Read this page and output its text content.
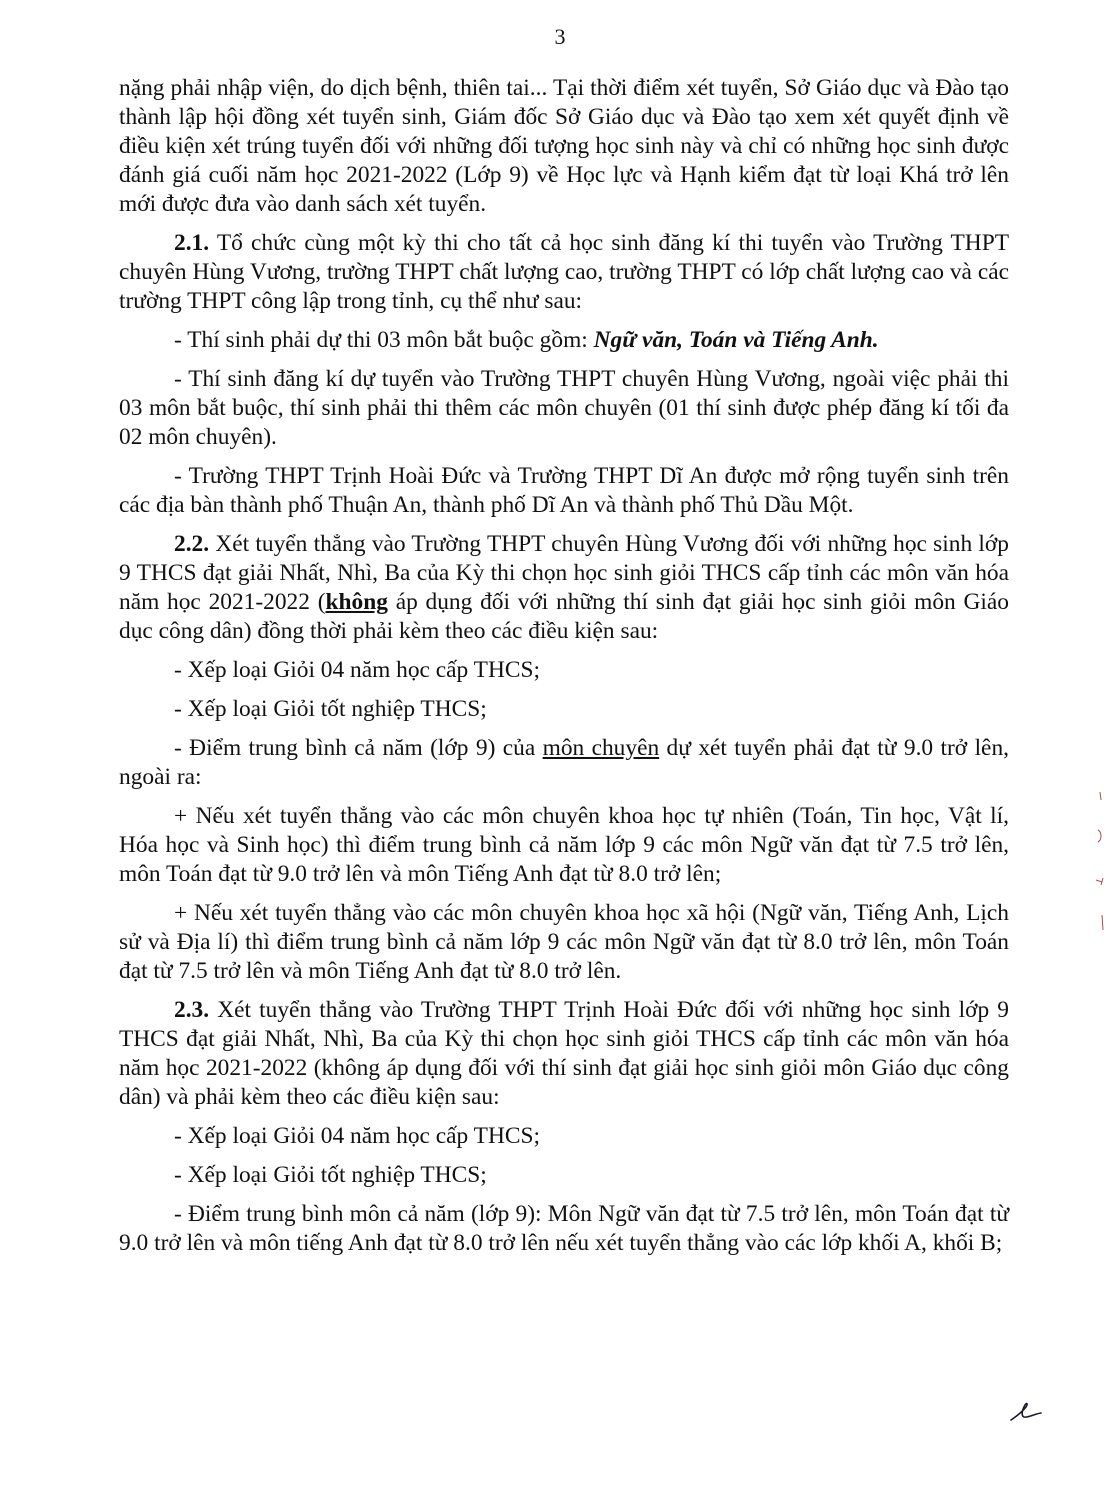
3

nặng phải nhập viện, do dịch bệnh, thiên tai... Tại thời điểm xét tuyển, Sở Giáo dục và Đào tạo thành lập hội đồng xét tuyển sinh, Giám đốc Sở Giáo dục và Đào tạo xem xét quyết định về điều kiện xét trúng tuyển đối với những đối tượng học sinh này và chỉ có những học sinh được đánh giá cuối năm học 2021-2022 (Lớp 9) về Học lực và Hạnh kiểm đạt từ loại Khá trở lên mới được đưa vào danh sách xét tuyển.

2.1. Tổ chức cùng một kỳ thi cho tất cả học sinh đăng kí thi tuyển vào Trường THPT chuyên Hùng Vương, trường THPT chất lượng cao, trường THPT có lớp chất lượng cao và các trường THPT công lập trong tỉnh, cụ thể như sau:

- Thí sinh phải dự thi 03 môn bắt buộc gồm: Ngữ văn, Toán và Tiếng Anh.

- Thí sinh đăng kí dự tuyển vào Trường THPT chuyên Hùng Vương, ngoài việc phải thi 03 môn bắt buộc, thí sinh phải thi thêm các môn chuyên (01 thí sinh được phép đăng kí tối đa 02 môn chuyên).

- Trường THPT Trịnh Hoài Đức và Trường THPT Dĩ An được mở rộng tuyển sinh trên các địa bàn thành phố Thuận An, thành phố Dĩ An và thành phố Thủ Dầu Một.

2.2. Xét tuyển thẳng vào Trường THPT chuyên Hùng Vương đối với những học sinh lớp 9 THCS đạt giải Nhất, Nhì, Ba của Kỳ thi chọn học sinh giỏi THCS cấp tỉnh các môn văn hóa năm học 2021-2022 (không áp dụng đối với những thí sinh đạt giải học sinh giỏi môn Giáo dục công dân) đồng thời phải kèm theo các điều kiện sau:

- Xếp loại Giỏi 04 năm học cấp THCS;

- Xếp loại Giỏi tốt nghiệp THCS;

- Điểm trung bình cả năm (lớp 9) của môn chuyên dự xét tuyển phải đạt từ 9.0 trở lên, ngoài ra:

+ Nếu xét tuyển thẳng vào các môn chuyên khoa học tự nhiên (Toán, Tin học, Vật lí, Hóa học và Sinh học) thì điểm trung bình cả năm lớp 9 các môn Ngữ văn đạt từ 7.5 trở lên, môn Toán đạt từ 9.0 trở lên và môn Tiếng Anh đạt từ 8.0 trở lên;

+ Nếu xét tuyển thẳng vào các môn chuyên khoa học xã hội (Ngữ văn, Tiếng Anh, Lịch sử và Địa lí) thì điểm trung bình cả năm lớp 9 các môn Ngữ văn đạt từ 8.0 trở lên, môn Toán đạt từ 7.5 trở lên và môn Tiếng Anh đạt từ 8.0 trở lên.

2.3. Xét tuyển thẳng vào Trường THPT Trịnh Hoài Đức đối với những học sinh lớp 9 THCS đạt giải Nhất, Nhì, Ba của Kỳ thi chọn học sinh giỏi THCS cấp tỉnh các môn văn hóa năm học 2021-2022 (không áp dụng đối với thí sinh đạt giải học sinh giỏi môn Giáo dục công dân) và phải kèm theo các điều kiện sau:

- Xếp loại Giỏi 04 năm học cấp THCS;

- Xếp loại Giỏi tốt nghiệp THCS;

- Điểm trung bình môn cả năm (lớp 9): Môn Ngữ văn đạt từ 7.5 trở lên, môn Toán đạt từ 9.0 trở lên và môn tiếng Anh đạt từ 8.0 trở lên nếu xét tuyển thẳng vào các lớp khối A, khối B;
